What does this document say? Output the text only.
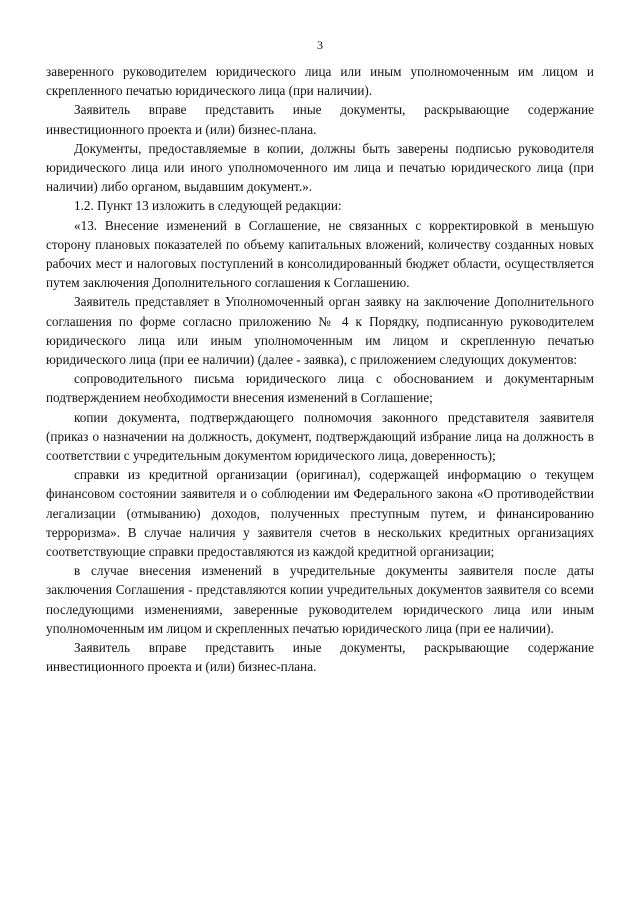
3

заверенного руководителем юридического лица или иным уполномоченным им лицом и скрепленного печатью юридического лица (при наличии).

Заявитель вправе представить иные документы, раскрывающие содержание инвестиционного проекта и (или) бизнес-плана.

Документы, предоставляемые в копии, должны быть заверены подписью руководителя юридического лица или иного уполномоченного им лица и печатью юридического лица (при наличии) либо органом, выдавшим документ.».

1.2. Пункт 13 изложить в следующей редакции:

«13. Внесение изменений в Соглашение, не связанных с корректировкой в меньшую сторону плановых показателей по объему капитальных вложений, количеству созданных новых рабочих мест и налоговых поступлений в консолидированный бюджет области, осуществляется путем заключения Дополнительного соглашения к Соглашению.

Заявитель представляет в Уполномоченный орган заявку на заключение Дополнительного соглашения по форме согласно приложению № 4 к Порядку, подписанную руководителем юридического лица или иным уполномоченным им лицом и скрепленную печатью юридического лица (при ее наличии) (далее - заявка), с приложением следующих документов:

сопроводительного письма юридического лица с обоснованием и документарным подтверждением необходимости внесения изменений в Соглашение;

копии документа, подтверждающего полномочия законного представителя заявителя (приказ о назначении на должность, документ, подтверждающий избрание лица на должность в соответствии с учредительным документом юридического лица, доверенность);

справки из кредитной организации (оригинал), содержащей информацию о текущем финансовом состоянии заявителя и о соблюдении им Федерального закона «О противодействии легализации (отмыванию) доходов, полученных преступным путем, и финансированию терроризма». В случае наличия у заявителя счетов в нескольких кредитных организациях соответствующие справки предоставляются из каждой кредитной организации;

в случае внесения изменений в учредительные документы заявителя после даты заключения Соглашения - представляются копии учредительных документов заявителя со всеми последующими изменениями, заверенные руководителем юридического лица или иным уполномоченным им лицом и скрепленных печатью юридического лица (при ее наличии).

Заявитель вправе представить иные документы, раскрывающие содержание инвестиционного проекта и (или) бизнес-плана.
